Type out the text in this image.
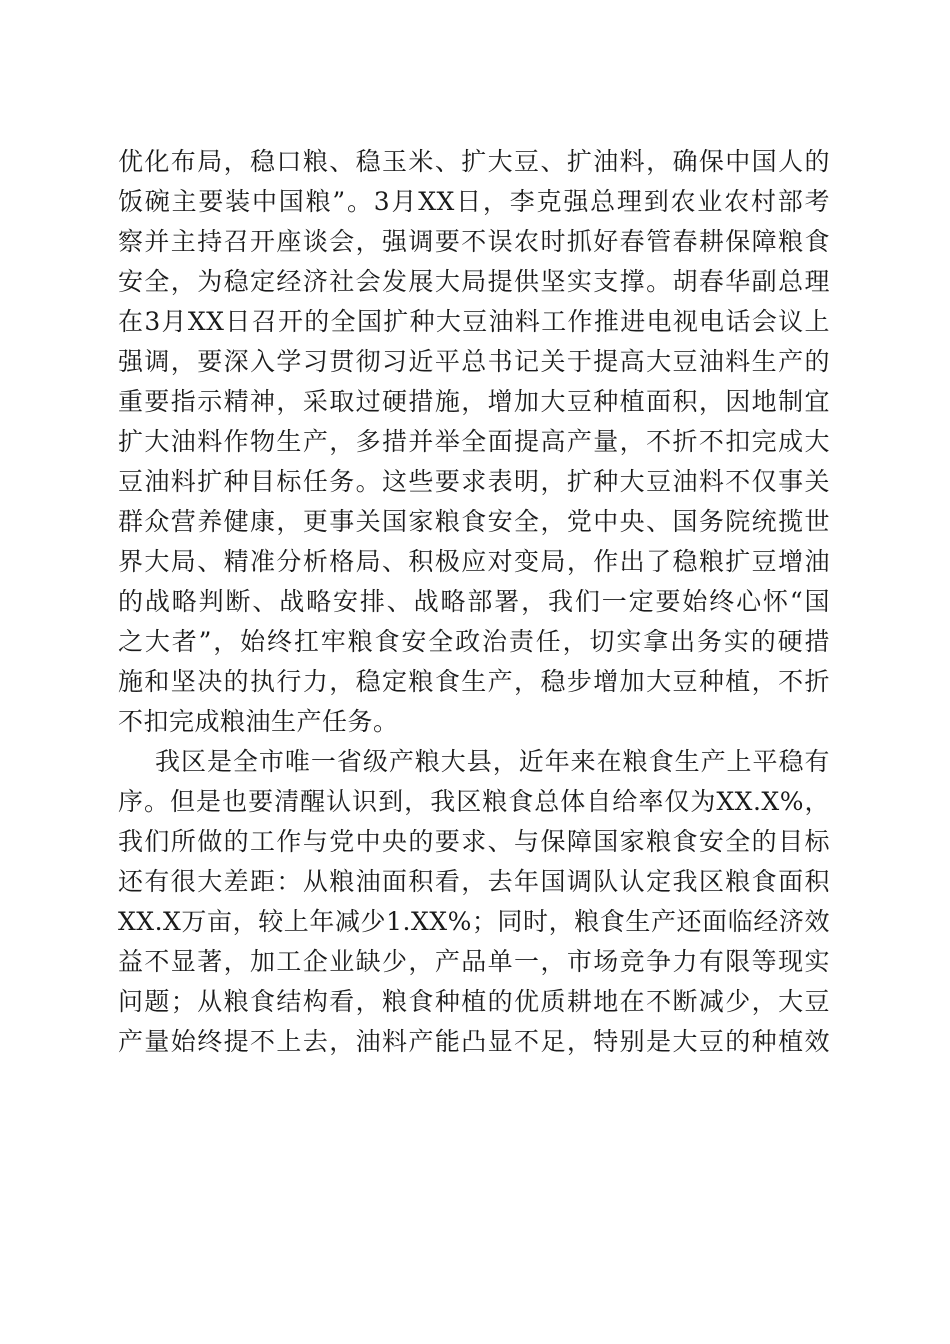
优化布局，稳口粮、稳玉米、扩大豆、扩油料，确保中国人的
饭碗主要装中国粮”。3月XX日，李克强总理到农业农村部考
察并主持召开座谈会，强调要不误农时抓好春管春耕保障粮食
安全，为稳定经济社会发展大局提供坚实支撑。胡春华副总理
在3月XX日召开的全国扩种大豆油料工作推进电视电话会议上
强调，要深入学习贯彻习近平总书记关于提高大豆油料生产的
重要指示精神，采取过硬措施，增加大豆种植面积，因地制宜
扩大油料作物生产，多措并举全面提高产量，不折不扣完成大
豆油料扩种目标任务。这些要求表明，扩种大豆油料不仅事关
群众营养健康，更事关国家粮食安全，党中央、国务院统揽世
界大局、精准分析格局、积极应对变局，作出了稳粮扩豆增油
的战略判断、战略安排、战略部署，我们一定要始终心怀“国
之大者”，始终扛牢粮食安全政治责任，切实拿出务实的硬措
施和坚决的执行力，稳定粮食生产，稳步增加大豆种植，不折
不扣完成粮油生产任务。
我区是全市唯一省级产粮大县，近年来在粮食生产上平稳有
序。但是也要清醒认识到，我区粮食总体自给率仅为XX.X%，
我们所做的工作与党中央的要求、与保障国家粮食安全的目标
还有很大差距：从粮油面积看，去年国调队认定我区粮食面积
XX.X万亩，较上年减少1.XX%；同时，粮食生产还面临经济效
益不显著，加工企业缺少，产品单一，市场竞争力有限等现实
问题；从粮食结构看，粮食种植的优质耕地在不断减少，大豆
产量始终提不上去，油料产能凸显不足，特别是大豆的种植效
